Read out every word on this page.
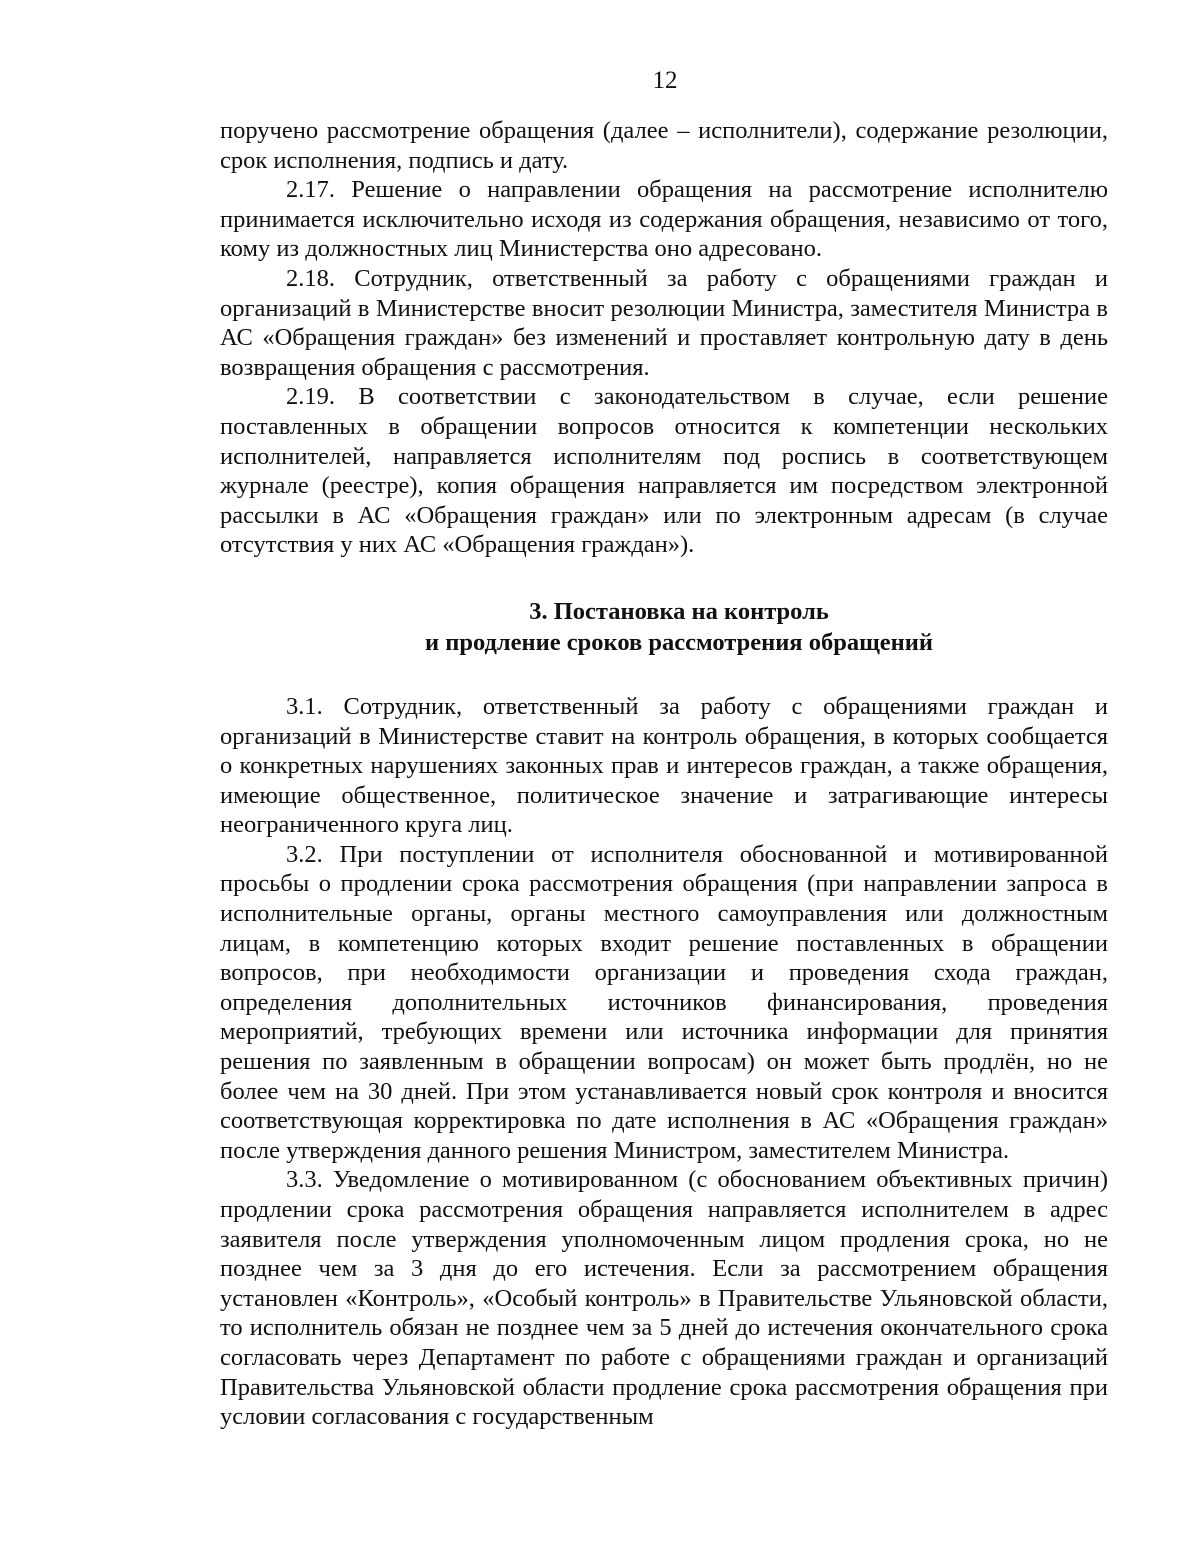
12

поручено рассмотрение обращения (далее – исполнители), содержание резолюции, срок исполнения, подпись и дату.

2.17. Решение о направлении обращения на рассмотрение исполнителю принимается исключительно исходя из содержания обращения, независимо от того, кому из должностных лиц Министерства оно адресовано.

2.18. Сотрудник, ответственный за работу с обращениями граждан и организаций в Министерстве вносит резолюции Министра, заместителя Министра в АС «Обращения граждан» без изменений и проставляет контрольную дату в день возвращения обращения с рассмотрения.

2.19. В соответствии с законодательством в случае, если решение поставленных в обращении вопросов относится к компетенции нескольких исполнителей, направляется исполнителям под роспись в соответствующем журнале (реестре), копия обращения направляется им посредством электронной рассылки в АС «Обращения граждан» или по электронным адресам (в случае отсутствия у них АС «Обращения граждан»).

3. Постановка на контроль
и продление сроков рассмотрения обращений

3.1. Сотрудник, ответственный за работу с обращениями граждан и организаций в Министерстве ставит на контроль обращения, в которых сообщается о конкретных нарушениях законных прав и интересов граждан, а также обращения, имеющие общественное, политическое значение и затрагивающие интересы неограниченного круга лиц.

3.2. При поступлении от исполнителя обоснованной и мотивированной просьбы о продлении срока рассмотрения обращения (при направлении запроса в исполнительные органы, органы местного самоуправления или должностным лицам, в компетенцию которых входит решение поставленных в обращении вопросов, при необходимости организации и проведения схода граждан, определения дополнительных источников финансирования, проведения мероприятий, требующих времени или источника информации для принятия решения по заявленным в обращении вопросам) он может быть продлён, но не более чем на 30 дней. При этом устанавливается новый срок контроля и вносится соответствующая корректировка по дате исполнения в АС «Обращения граждан» после утверждения данного решения Министром, заместителем Министра.

3.3. Уведомление о мотивированном (с обоснованием объективных причин) продлении срока рассмотрения обращения направляется исполнителем в адрес заявителя после утверждения уполномоченным лицом продления срока, но не позднее чем за 3 дня до его истечения. Если за рассмотрением обращения установлен «Контроль», «Особый контроль» в Правительстве Ульяновской области, то исполнитель обязан не позднее чем за 5 дней до истечения окончательного срока согласовать через Департамент по работе с обращениями граждан и организаций Правительства Ульяновской области продление срока рассмотрения обращения при условии согласования с государственным
